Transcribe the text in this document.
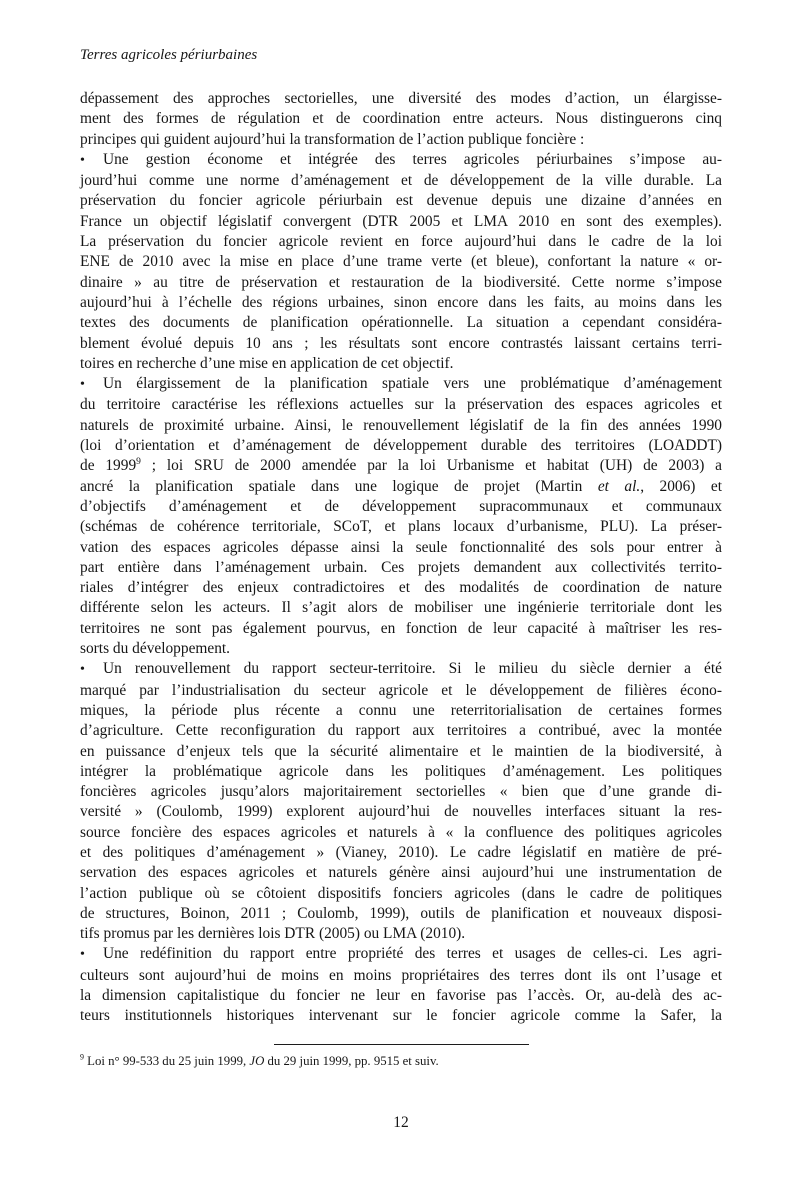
Terres agricoles périurbaines
dépassement des approches sectorielles, une diversité des modes d’action, un élargisse-
ment des formes de régulation et de coordination entre acteurs. Nous distinguerons cinq
principes qui guident aujourd’hui la transformation de l’action publique foncière :
• Une gestion économe et intégrée des terres agricoles périurbaines s’impose au-
jourd’hui comme une norme d’aménagement et de développement de la ville durable. La
préservation du foncier agricole périurbain est devenue depuis une dizaine d’années en
France un objectif législatif convergent (DTR 2005 et LMA 2010 en sont des exemples).
La préservation du foncier agricole revient en force aujourd’hui dans le cadre de la loi
ENE de 2010 avec la mise en place d’une trame verte (et bleue), confortant la nature « or-
dinaire » au titre de préservation et restauration de la biodiversité. Cette norme s’impose
aujourd’hui à l’échelle des régions urbaines, sinon encore dans les faits, au moins dans les
textes des documents de planification opérationnelle. La situation a cependant considéra-
blement évolué depuis 10 ans ; les résultats sont encore contrastés laissant certains terri-
toires en recherche d’une mise en application de cet objectif.
• Un élargissement de la planification spatiale vers une problématique d’aménagement
du territoire caractérise les réflexions actuelles sur la préservation des espaces agricoles et
naturels de proximité urbaine. Ainsi, le renouvellement législatif de la fin des années 1990
(loi d’orientation et d’aménagement de développement durable des territoires (LOADDT)
de 1999$^9$ ; loi SRU de 2000 amendée par la loi Urbanisme et habitat (UH) de 2003) a
ancré la planification spatiale dans une logique de projet (Martin et al., 2006) et
d’objectifs d’aménagement et de développement supracommunaux et communaux
(schémas de cohérence territoriale, SCoT, et plans locaux d’urbanisme, PLU). La préser-
vation des espaces agricoles dépasse ainsi la seule fonctionnalité des sols pour entrer à
part entière dans l’aménagement urbain. Ces projets demandent aux collectivités territo-
riales d’intégrer des enjeux contradictoires et des modalités de coordination de nature
différente selon les acteurs. Il s’agit alors de mobiliser une ingénierie territoriale dont les
territoires ne sont pas également pourvus, en fonction de leur capacité à maîtriser les res-
sorts du développement.
• Un renouvellement du rapport secteur-territoire. Si le milieu du siècle dernier a été
marqué par l’industrialisation du secteur agricole et le développement de filières écono-
miques, la période plus récente a connu une reterritorialisation de certaines formes
d’agriculture. Cette reconfiguration du rapport aux territoires a contribué, avec la montée
en puissance d’enjeux tels que la sécurité alimentaire et le maintien de la biodiversité, à
intégrer la problématique agricole dans les politiques d’aménagement. Les politiques
foncières agricoles jusqu’alors majoritairement sectorielles « bien que d’une grande di-
versité » (Coulomb, 1999) explorent aujourd’hui de nouvelles interfaces situant la res-
source foncière des espaces agricoles et naturels à « la confluence des politiques agricoles
et des politiques d’aménagement » (Vianey, 2010). Le cadre législatif en matière de pré-
servation des espaces agricoles et naturels génère ainsi aujourd’hui une instrumentation de
l’action publique où se côtoient dispositifs fonciers agricoles (dans le cadre de politiques
de structures, Boinon, 2011 ; Coulomb, 1999), outils de planification et nouveaux disposi-
tifs promus par les dernières lois DTR (2005) ou LMA (2010).
• Une redéfinition du rapport entre propriété des terres et usages de celles-ci. Les agri-
culteurs sont aujourd’hui de moins en moins propriétaires des terres dont ils ont l’usage et
la dimension capitalistique du foncier ne leur en favorise pas l’accès. Or, au-delà des ac-
teurs institutionnels historiques intervenant sur le foncier agricole comme la Safer, la
$^9$ Loi n° 99-533 du 25 juin 1999, JO du 29 juin 1999, pp. 9515 et suiv.
12
